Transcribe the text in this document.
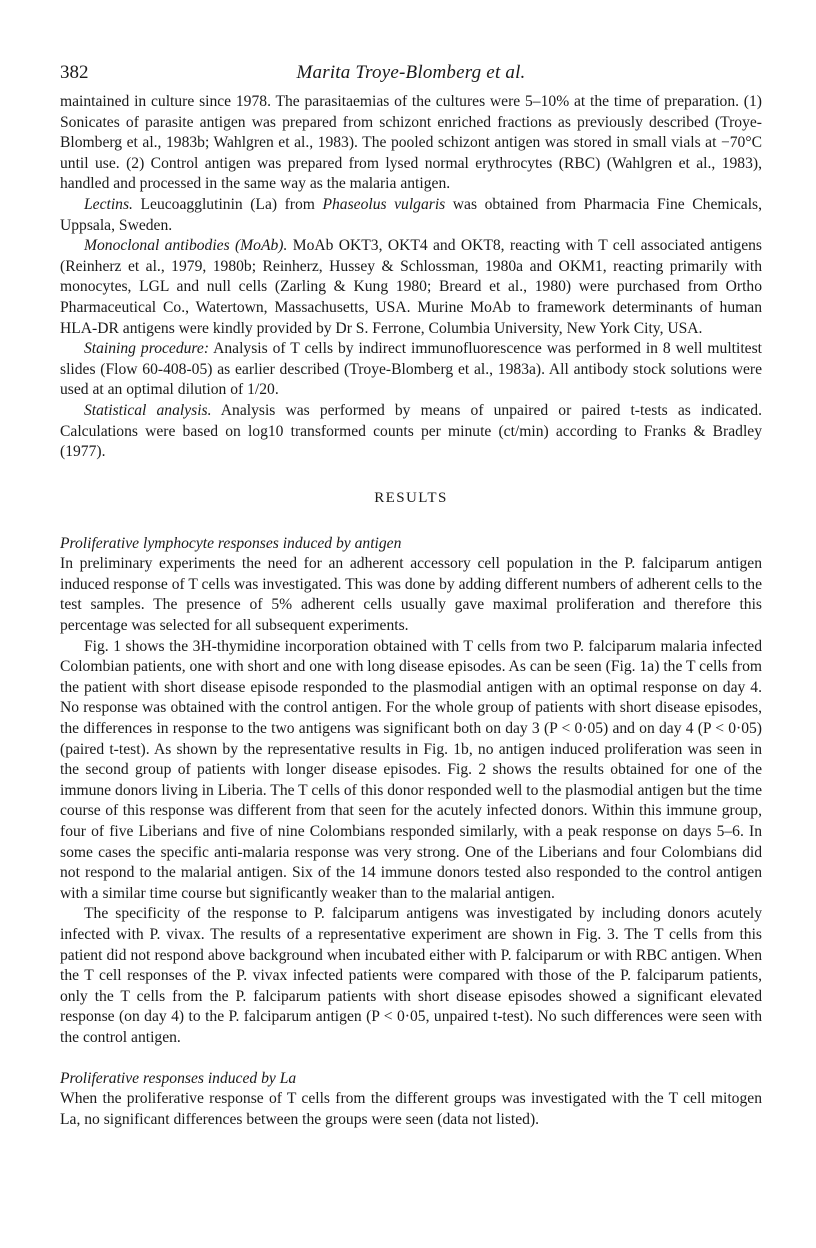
382	Marita Troye-Blomberg et al.

maintained in culture since 1978. The parasitaemias of the cultures were 5–10% at the time of preparation. (1) Sonicates of parasite antigen was prepared from schizont enriched fractions as previously described (Troye-Blomberg et al., 1983b; Wahlgren et al., 1983). The pooled schizont antigen was stored in small vials at −70°C until use. (2) Control antigen was prepared from lysed normal erythrocytes (RBC) (Wahlgren et al., 1983), handled and processed in the same way as the malaria antigen.

Lectins. Leucoagglutinin (La) from Phaseolus vulgaris was obtained from Pharmacia Fine Chemicals, Uppsala, Sweden.

Monoclonal antibodies (MoAb). MoAb OKT3, OKT4 and OKT8, reacting with T cell associated antigens (Reinherz et al., 1979, 1980b; Reinherz, Hussey & Schlossman, 1980a and OKM1, reacting primarily with monocytes, LGL and null cells (Zarling & Kung 1980; Breard et al., 1980) were purchased from Ortho Pharmaceutical Co., Watertown, Massachusetts, USA. Murine MoAb to framework determinants of human HLA-DR antigens were kindly provided by Dr S. Ferrone, Columbia University, New York City, USA.

Staining procedure: Analysis of T cells by indirect immunofluorescence was performed in 8 well multitest slides (Flow 60-408-05) as earlier described (Troye-Blomberg et al., 1983a). All antibody stock solutions were used at an optimal dilution of 1/20.

Statistical analysis. Analysis was performed by means of unpaired or paired t-tests as indicated. Calculations were based on log10 transformed counts per minute (ct/min) according to Franks & Bradley (1977).

RESULTS
Proliferative lymphocyte responses induced by antigen

In preliminary experiments the need for an adherent accessory cell population in the P. falciparum antigen induced response of T cells was investigated. This was done by adding different numbers of adherent cells to the test samples. The presence of 5% adherent cells usually gave maximal proliferation and therefore this percentage was selected for all subsequent experiments.

Fig. 1 shows the 3H-thymidine incorporation obtained with T cells from two P. falciparum malaria infected Colombian patients, one with short and one with long disease episodes. As can be seen (Fig. 1a) the T cells from the patient with short disease episode responded to the plasmodial antigen with an optimal response on day 4. No response was obtained with the control antigen. For the whole group of patients with short disease episodes, the differences in response to the two antigens was significant both on day 3 (P < 0·05) and on day 4 (P < 0·05) (paired t-test). As shown by the representative results in Fig. 1b, no antigen induced proliferation was seen in the second group of patients with longer disease episodes. Fig. 2 shows the results obtained for one of the immune donors living in Liberia. The T cells of this donor responded well to the plasmodial antigen but the time course of this response was different from that seen for the acutely infected donors. Within this immune group, four of five Liberians and five of nine Colombians responded similarly, with a peak response on days 5–6. In some cases the specific anti-malaria response was very strong. One of the Liberians and four Colombians did not respond to the malarial antigen. Six of the 14 immune donors tested also responded to the control antigen with a similar time course but significantly weaker than to the malarial antigen.

The specificity of the response to P. falciparum antigens was investigated by including donors acutely infected with P. vivax. The results of a representative experiment are shown in Fig. 3. The T cells from this patient did not respond above background when incubated either with P. falciparum or with RBC antigen. When the T cell responses of the P. vivax infected patients were compared with those of the P. falciparum patients, only the T cells from the P. falciparum patients with short disease episodes showed a significant elevated response (on day 4) to the P. falciparum antigen (P < 0·05, unpaired t-test). No such differences were seen with the control antigen.

Proliferative responses induced by La

When the proliferative response of T cells from the different groups was investigated with the T cell mitogen La, no significant differences between the groups were seen (data not listed).
